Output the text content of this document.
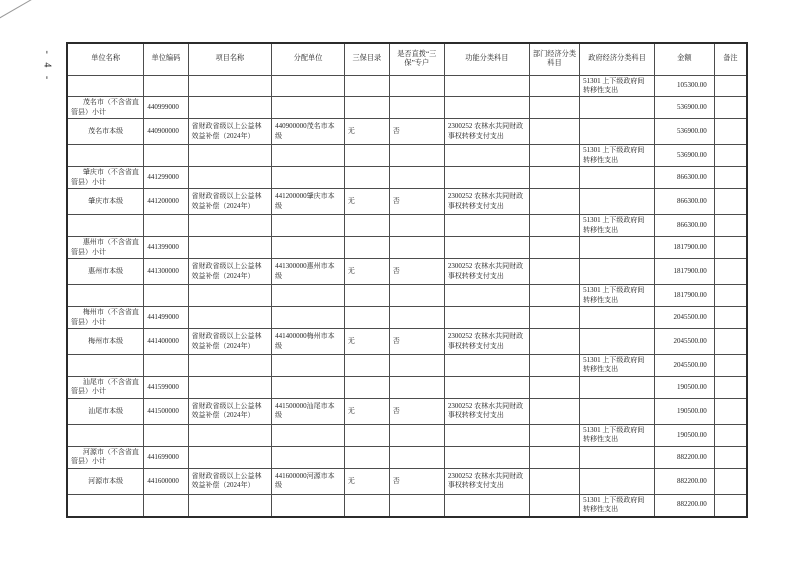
- 4 -	单位名称	单位编码	项目名称	分配单位	三保目录	是否直拨“三保”专户	功能分类科目	部门经济分类科目	政府经济分类科目	金额	备注
								51301 上下级政府间转移性支出	105300.00	
茂名市（不含省直管县）小计	440999000								536900.00	
茂名市本级	440900000	省财政省级以上公益林效益补偿（2024年）	440900000茂名市本级	无	否	2300252 农林水共同财政事权转移支付支出			536900.00	
								51301 上下级政府间转移性支出	536900.00	
肇庆市（不含省直管县）小计	441299000								866300.00	
肇庆市本级	441200000	省财政省级以上公益林效益补偿（2024年）	441200000肇庆市本级	无	否	2300252 农林水共同财政事权转移支付支出			866300.00	
								51301 上下级政府间转移性支出	866300.00	
惠州市（不含省直管县）小计	441399000								1817900.00	
惠州市本级	441300000	省财政省级以上公益林效益补偿（2024年）	441300000惠州市本级	无	否	2300252 农林水共同财政事权转移支付支出			1817900.00	
								51301 上下级政府间转移性支出	1817900.00	
梅州市（不含省直管县）小计	441499000								2045500.00	
梅州市本级	441400000	省财政省级以上公益林效益补偿（2024年）	441400000梅州市本级	无	否	2300252 农林水共同财政事权转移支付支出			2045500.00	
								51301 上下级政府间转移性支出	2045500.00	
汕尾市（不含省直管县）小计	441599000								190500.00	
汕尾市本级	441500000	省财政省级以上公益林效益补偿（2024年）	441500000汕尾市本级	无	否	2300252 农林水共同财政事权转移支付支出			190500.00	
								51301 上下级政府间转移性支出	190500.00	
河源市（不含省直管县）小计	441699000								882200.00	
河源市本级	441600000	省财政省级以上公益林效益补偿（2024年）	441600000河源市本级	无	否	2300252 农林水共同财政事权转移支付支出			882200.00	
								51301 上下级政府间转移性支出	882200.00	
